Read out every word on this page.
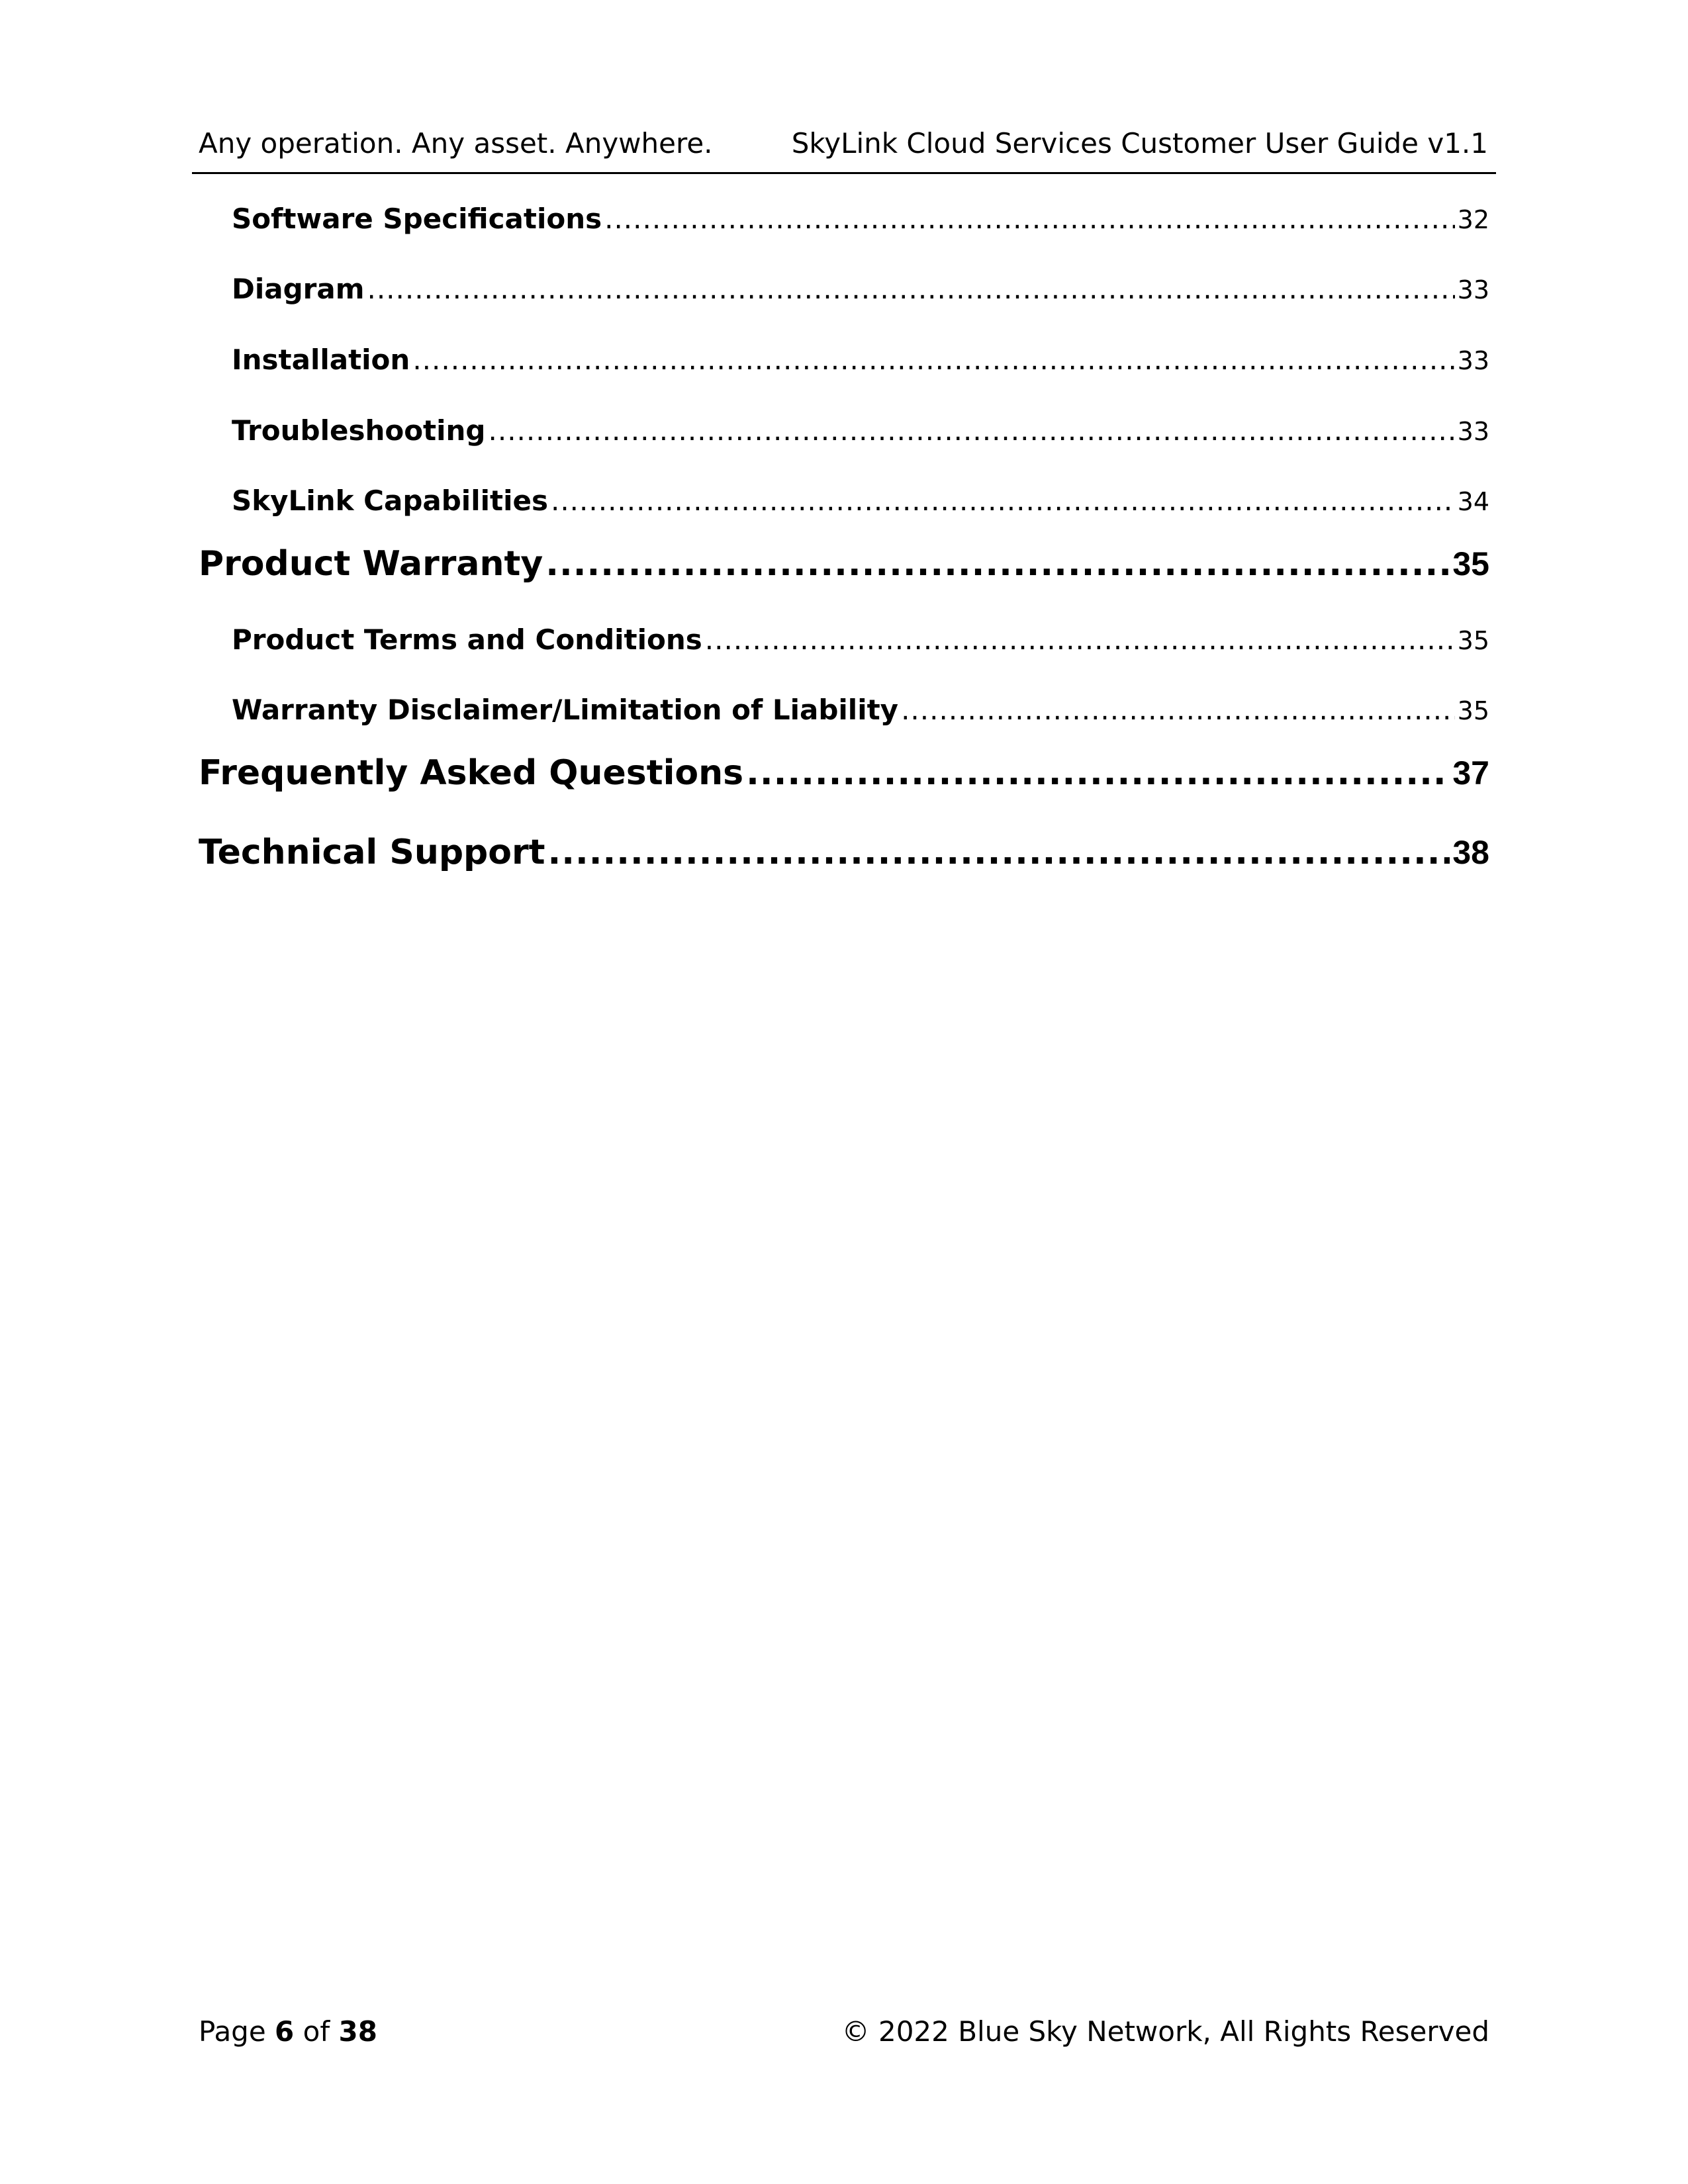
Any operation. Any asset. Anywhere.	SkyLink Cloud Services Customer User Guide v1.1
Software Specifications .....	32
Diagram .....	33
Installation .....	33
Troubleshooting .....	33
SkyLink Capabilities .....	34
Product Warranty .....	35
Product Terms and Conditions .....	35
Warranty Disclaimer/Limitation of Liability .....	35
Frequently Asked Questions .....	37
Technical Support .....	38
Page 6 of 38	© 2022 Blue Sky Network, All Rights Reserved
